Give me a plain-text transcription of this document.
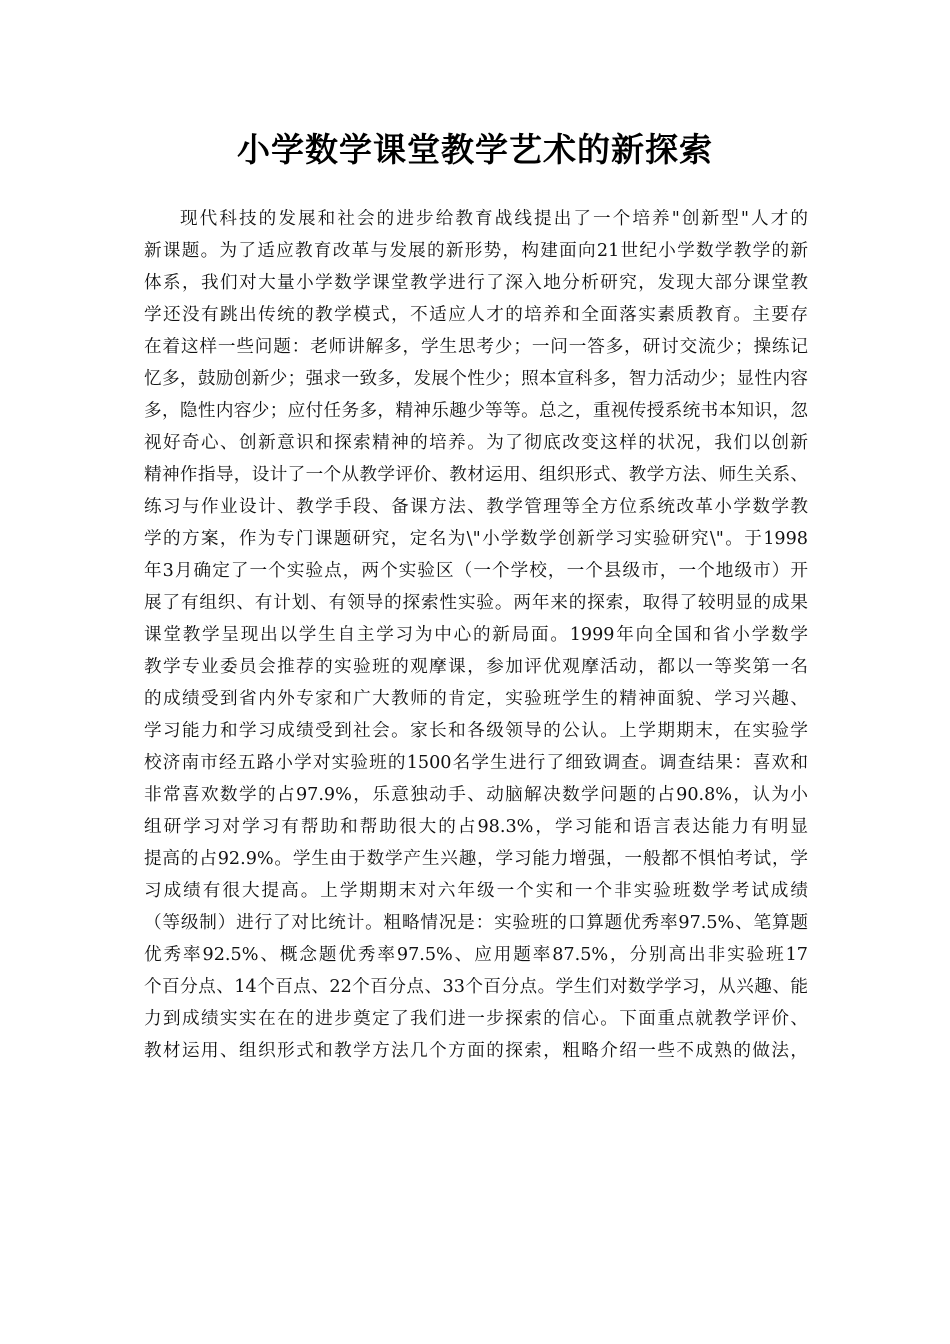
小学数学课堂教学艺术的新探索
现代科技的发展和社会的进步给教育战线提出了一个培养"创新型"人才的
新课题。为了适应教育改革与发展的新形势，构建面向21世纪小学数学教学的新
体系，我们对大量小学数学课堂教学进行了深入地分析研究，发现大部分课堂教
学还没有跳出传统的教学模式，不适应人才的培养和全面落实素质教育。主要存
在着这样一些问题：老师讲解多，学生思考少；一问一答多，研讨交流少；操练记
忆多，鼓励创新少；强求一致多，发展个性少；照本宣科多，智力活动少；显性内容
多，隐性内容少；应付任务多，精神乐趣少等等。总之，重视传授系统书本知识，忽
视好奇心、创新意识和探索精神的培养。为了彻底改变这样的状况，我们以创新
精神作指导，设计了一个从教学评价、教材运用、组织形式、教学方法、师生关系、
练习与作业设计、教学手段、备课方法、教学管理等全方位系统改革小学数学教
学的方案，作为专门课题研究，定名为\"小学数学创新学习实验研究\"。于1998
年3月确定了一个实验点，两个实验区（一个学校，一个县级市，一个地级市）开
展了有组织、有计划、有领导的探索性实验。两年来的探索，取得了较明显的成果
课堂教学呈现出以学生自主学习为中心的新局面。1999年向全国和省小学数学
教学专业委员会推荐的实验班的观摩课，参加评优观摩活动，都以一等奖第一名
的成绩受到省内外专家和广大教师的肯定，实验班学生的精神面貌、学习兴趣、
学习能力和学习成绩受到社会。家长和各级领导的公认。上学期期末，在实验学
校济南市经五路小学对实验班的1500名学生进行了细致调查。调查结果：喜欢和
非常喜欢数学的占97.9%，乐意独动手、动脑解决数学问题的占90.8%，认为小
组研学习对学习有帮助和帮助很大的占98.3%，学习能和语言表达能力有明显
提高的占92.9%。学生由于数学产生兴趣，学习能力增强，一般都不惧怕考试，学
习成绩有很大提高。上学期期末对六年级一个实和一个非实验班数学考试成绩
（等级制）进行了对比统计。粗略情况是：实验班的口算题优秀率97.5%、笔算题
优秀率92.5%、概念题优秀率97.5%、应用题率87.5%，分别高出非实验班17
个百分点、14个百点、22个百分点、33个百分点。学生们对数学学习，从兴趣、能
力到成绩实实在在的进步奠定了我们进一步探索的信心。下面重点就教学评价、
教材运用、组织形式和教学方法几个方面的探索，粗略介绍一些不成熟的做法，
